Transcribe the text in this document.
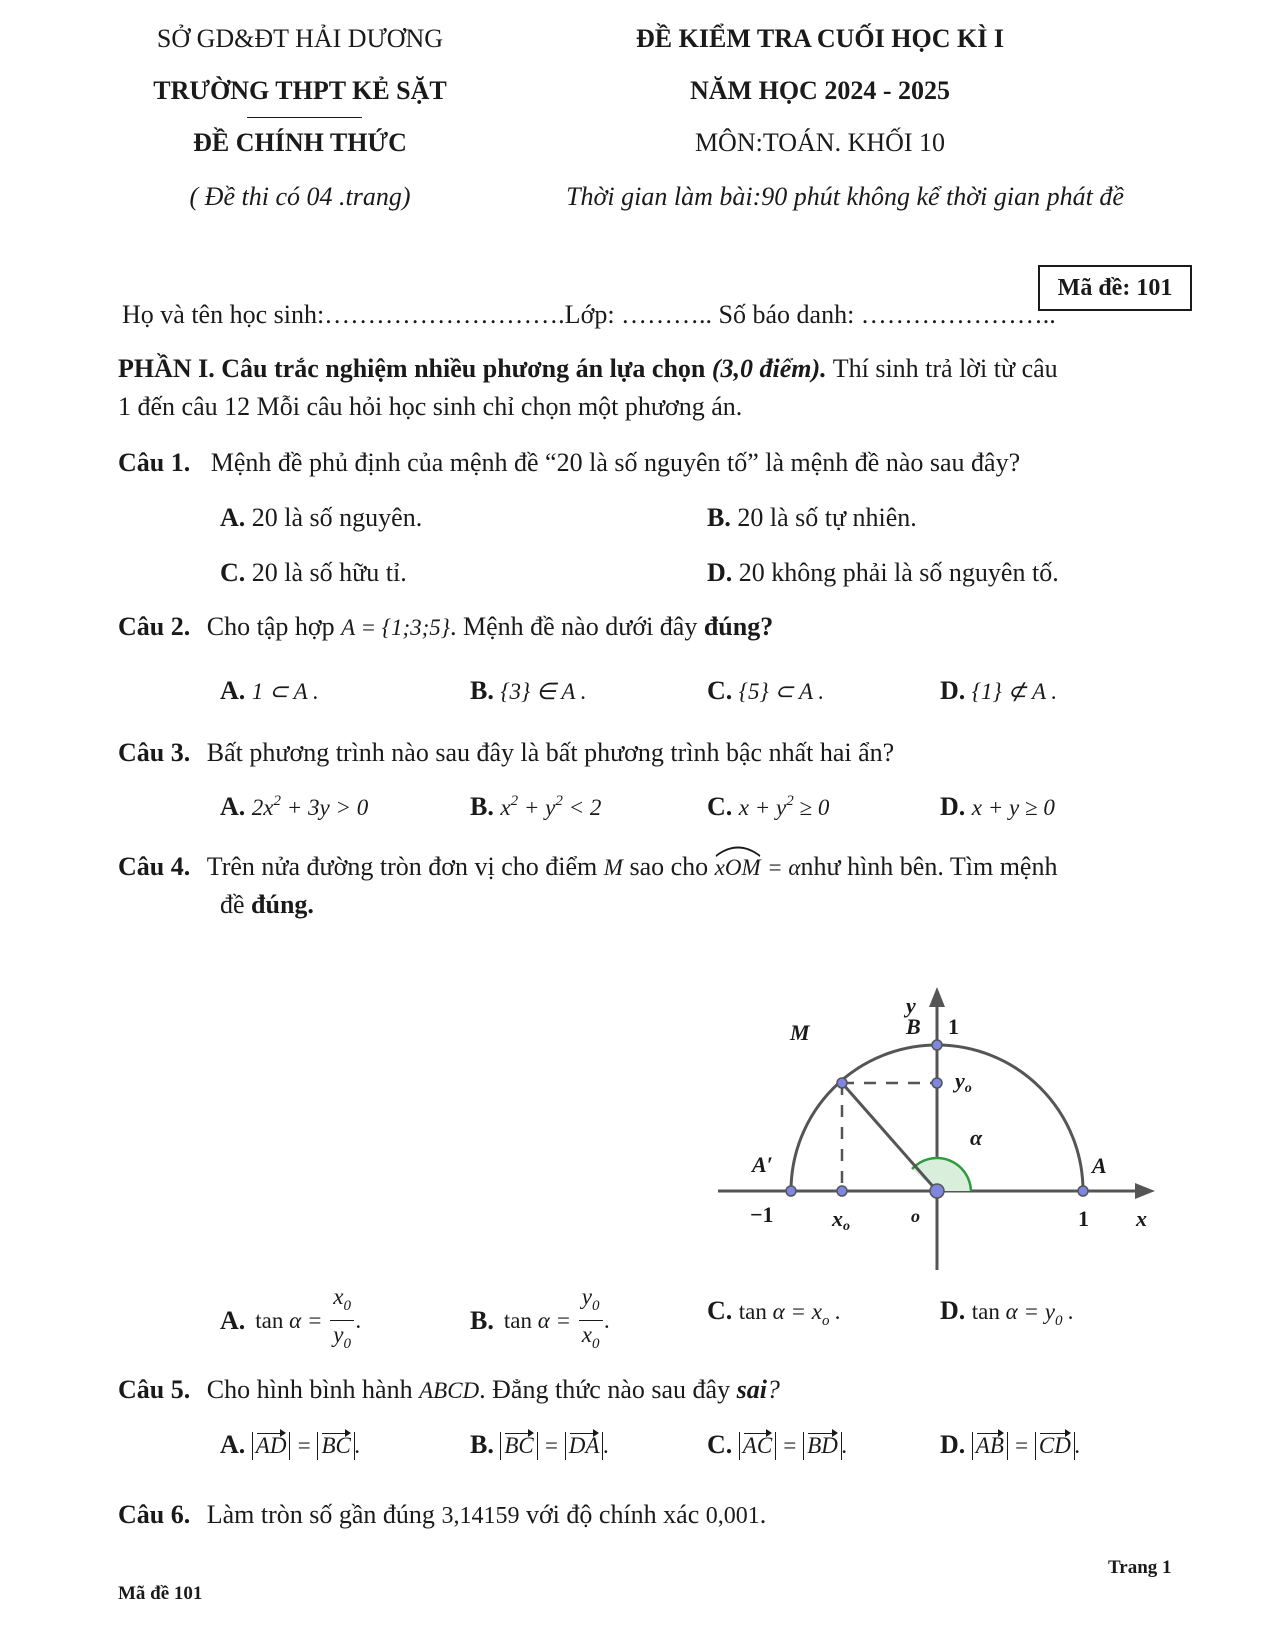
SỞ GD&ĐT HẢI DƯƠNG
TRƯỜNG THPT KẺ SẶT
ĐỀ CHÍNH THỨC
( Đề thi có 04 .trang)
ĐỀ KIỂM TRA CUỐI HỌC KÌ I
NĂM HỌC 2024 - 2025
MÔN:TOÁN. KHỐI 10
Thời gian làm bài:90 phút không kể thời gian phát đề
Mã đề: 101
Họ và tên học sinh:……………………….Lớp: ……….. Số báo danh: …………………..
PHẦN I. Câu trắc nghiệm nhiều phương án lựa chọn (3,0 điểm). Thí sinh trả lời từ câu
1 đến câu 12 Mỗi câu hỏi học sinh chỉ chọn một phương án.
Câu 1. Mệnh đề phủ định của mệnh đề “20 là số nguyên tố” là mệnh đề nào sau đây?
A. 20 là số nguyên.	B. 20 là số tự nhiên.
C. 20 là số hữu tỉ.	D. 20 không phải là số nguyên tố.
Câu 2. Cho tập hợp A = {1;3;5}. Mệnh đề nào dưới đây đúng?
A. 1 ⊂ A .	B. {3} ∈ A .	C. {5} ⊂ A .	D. {1} ⊄ A .
Câu 3. Bất phương trình nào sau đây là bất phương trình bậc nhất hai ẩn?
A. $2x^2 + 3y > 0$	B. $x^2 + y^2 < 2$	C. $x + y^2 \ge 0$	D. x + y ≥ 0
Câu 4. Trên nửa đường tròn đơn vị cho điểm M sao cho xOM = αnhư hình bên. Tìm mệnh
đề đúng.
y
M	B 1
yo
α
A′	A
−1	xo
o	1 x
A. $\tan \alpha = \frac{x_0}{y_0}$ .	B. $\tan \alpha = \frac{y_0}{x_0}$ .	C. $\tan \alpha = x_o$ .	D. $\tan \alpha = y_0$ .
Câu 5. Cho hình bình hành ABCD. Đẳng thức nào sau đây sai?
A. AD = BC .	B. BC = DA .	C. AC = BD .	D. AB = CD .
Câu 6. Làm tròn số gần đúng 3,14159 với độ chính xác 0,001.
Trang 1
Mã đề 101
